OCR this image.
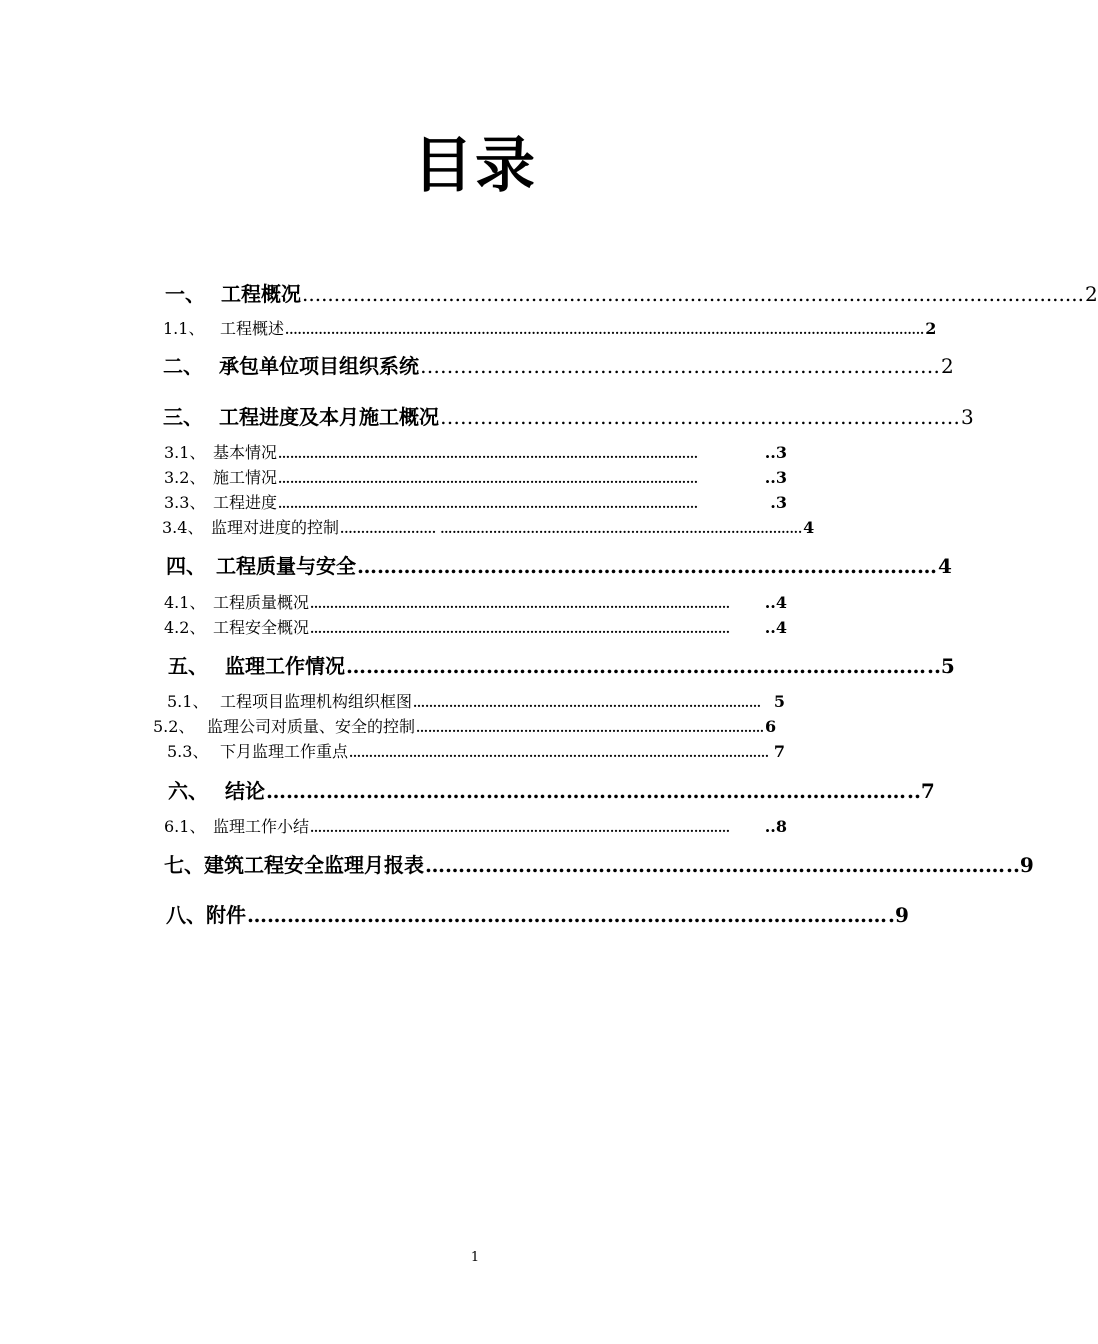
目录
一、 工程概况 ........................................................................................................................... 2
1.1、 工程概述 ......................................................................................................................................................... 2
二、 承包单位项目组织系统 …………………………………………………………………… 2
三、 工程进度及本月施工概况 …………………………………………………………………… 3
3.1、 基本情况 ……………………………………………………………………………………………	..3
3.2、 施工情况 ……………………………………………………………………………………………	..3
3.3、 工程进度 ……………………………………………………………………………………………	.3
3.4、 监理对进度的控制 ....................... ……….............................................................................. 4
四、 工程质量与安全 …………………………………………………………………………… 4
4.1、 工程质量概况 ……………………………………………………………………………………………	..4
4.2、 工程安全概况 ……………………………………………………………………………………………	..4
五、 监理工作情况 …………………………………………………………………………… ..5
5.1、 工程项目监理机构组织框图 …………………………………………………………………………… 5
5.2、 监理公司对质量、安全的控制 …………………………………………………………………………… 6
5.3、 下月监理工作重点 …………………………………………………………………………………………… 7
六、 结论 …………………………………………………………………………………… ..7
6.1、 监理工作小结 ……………………………………………………………………………………………	..8
七、 建筑工程安全监理月报表 …………………………………………………………………………… ..9
八、 附件 …………………………………………………………………………………… .9
1
